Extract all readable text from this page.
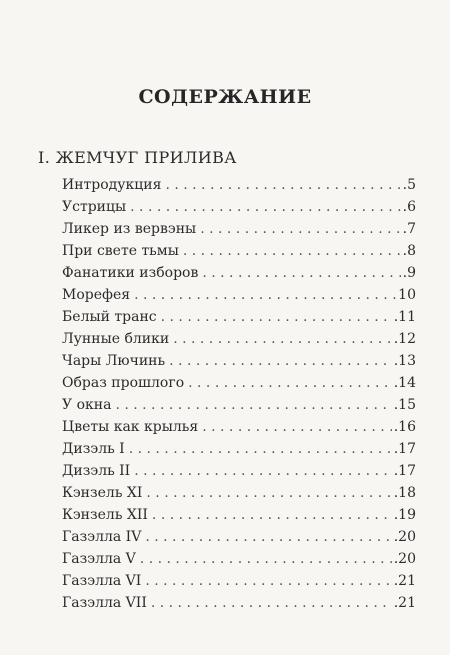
СОДЕРЖАНИЕ
I. ЖЕМЧУГ ПРИЛИВА
Интродукция . . .	.5
Устрицы . . .	.6
Ликер из вервэны . . .	.7
При свете тьмы . . .	.8
Фанатики изборов . . .	.9
Морефея . . .	10
Белый транс . . .	.11
Лунные блики . . .	.12
Чары Лючинь . . .	.13
Образ прошлого . . .	.14
У окна . . .	.15
Цветы как крылья . . .	.16
Дизэль I . . .	.17
Дизэль II . . .	.17
Кэнзель XI . . .	.18
Кэнзель XII . . .	.19
Газэлла IV . . .	.20
Газэлла V . . .	.20
Газэлла VI . . .	.21
Газэлла VII . . .	.21
